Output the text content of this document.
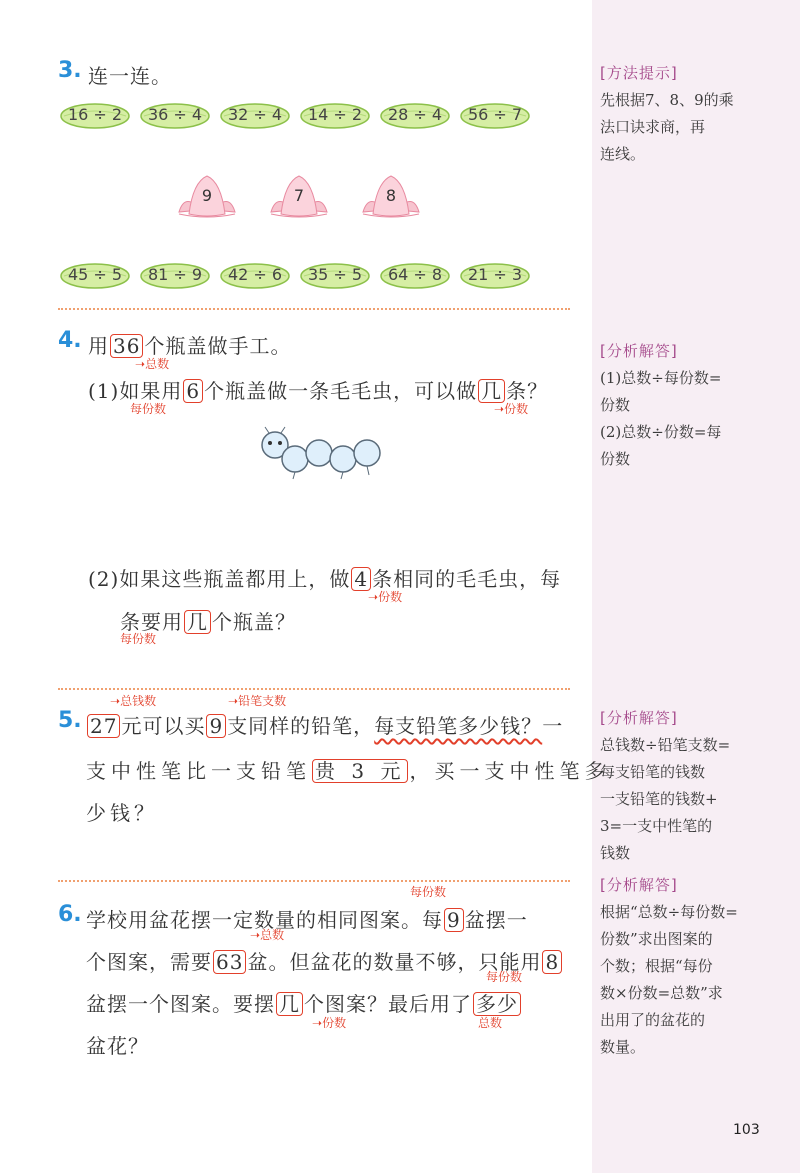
3. 连一连。
16 ÷ 2	36 ÷ 4	32 ÷ 4	14 ÷ 2	28 ÷ 4	56 ÷ 7
9	7	8
45 ÷ 5	81 ÷ 9	42 ÷ 6	35 ÷ 5	64 ÷ 8	21 ÷ 3
4. 用 36 个瓶盖做手工。
➝总数
(1)如果用 6 个瓶盖做一条毛毛虫，可以做 几 条？
每份数	➝份数
(2)如果这些瓶盖都用上，做 4 条相同的毛毛虫，每
➝份数
条要用 几 个瓶盖？
每份数
➝总钱数	➝铅笔支数
5. 27 元可以买 9 支同样的铅笔，每支铅笔多少钱？一
支中性笔比一支铅笔 贵 3 元 ，买一支中性笔多
少钱？
每份数
6. 学校用盆花摆一定数量的相同图案。每 9 盆摆一
➝总数
个图案，需要 63 盆。但盆花的数量不够，只能用 8
每份数
盆摆一个图案。要摆 几 个图案？最后用了 多少
➝份数	总数
盆花？
[方法提示]
先根据7、8、9的乘
法口诀求商，再
连线。
[分析解答]
(1)总数÷每份数=
份数
(2)总数÷份数=每
份数
[分析解答]
总钱数÷铅笔支数=
每支铅笔的钱数
一支铅笔的钱数+
3=一支中性笔的
钱数
[分析解答]
根据“总数÷每份数=
份数”求出图案的
个数；根据“每份
数×份数=总数”求
出用了的盆花的
数量。
103
